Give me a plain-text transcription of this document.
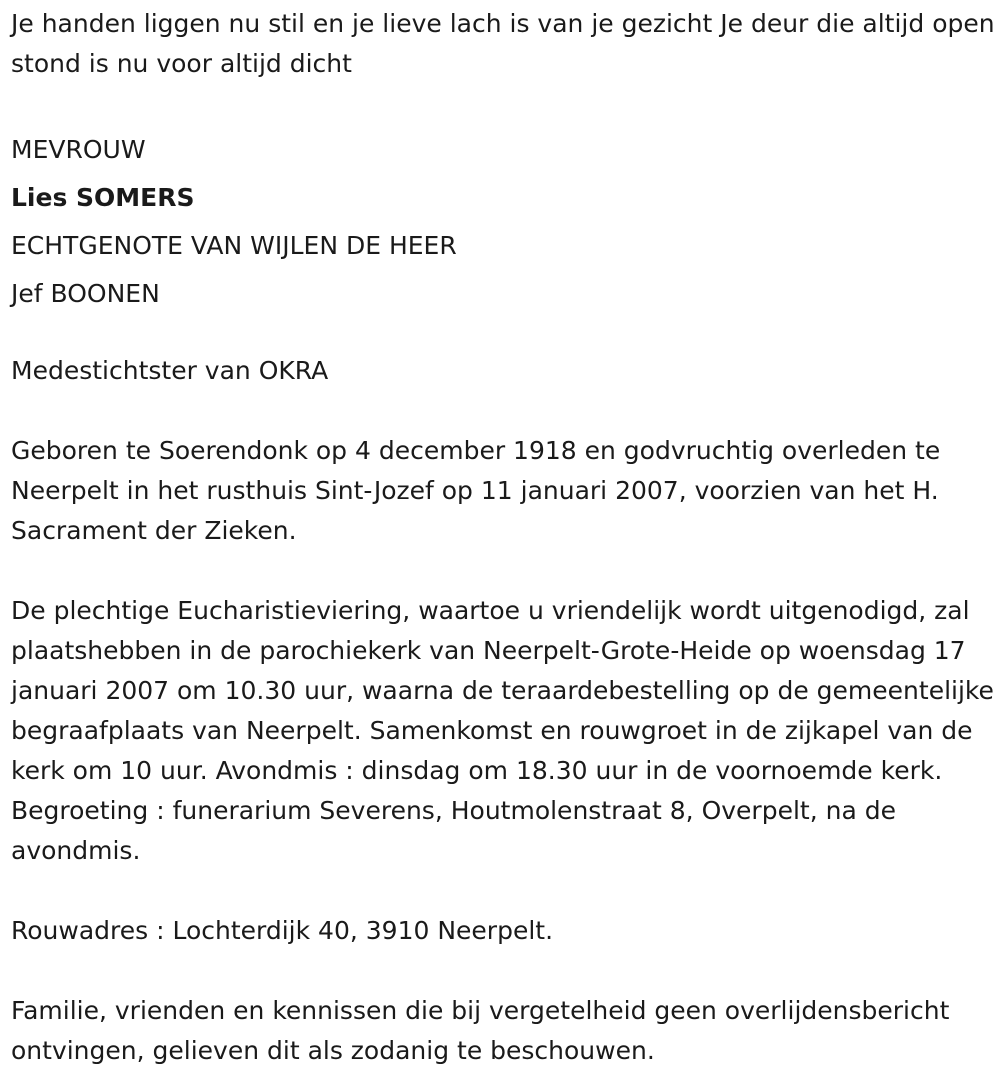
Je handen liggen nu stil en je lieve lach is van je gezicht Je deur die altijd open stond is nu voor altijd dicht

MEVROUW
Lies SOMERS
ECHTGENOTE VAN WIJLEN DE HEER
Jef BOONEN

Medestichtster van OKRA

Geboren te Soerendonk op 4 december 1918 en godvruchtig overleden te Neerpelt in het rusthuis Sint-Jozef op 11 januari 2007, voorzien van het H. Sacrament der Zieken.

De plechtige Eucharistieviering, waartoe u vriendelijk wordt uitgenodigd, zal plaatshebben in de parochiekerk van Neerpelt-Grote-Heide op woensdag 17 januari 2007 om 10.30 uur, waarna de teraardebestelling op de gemeentelijke begraafplaats van Neerpelt. Samenkomst en rouwgroet in de zijkapel van de kerk om 10 uur. Avondmis : dinsdag om 18.30 uur in de voornoemde kerk. Begroeting : funerarium Severens, Houtmolenstraat 8, Overpelt, na de avondmis.

Rouwadres : Lochterdijk 40, 3910 Neerpelt.

Familie, vrienden en kennissen die bij vergetelheid geen overlijdensbericht ontvingen, gelieven dit als zodanig te beschouwen.
